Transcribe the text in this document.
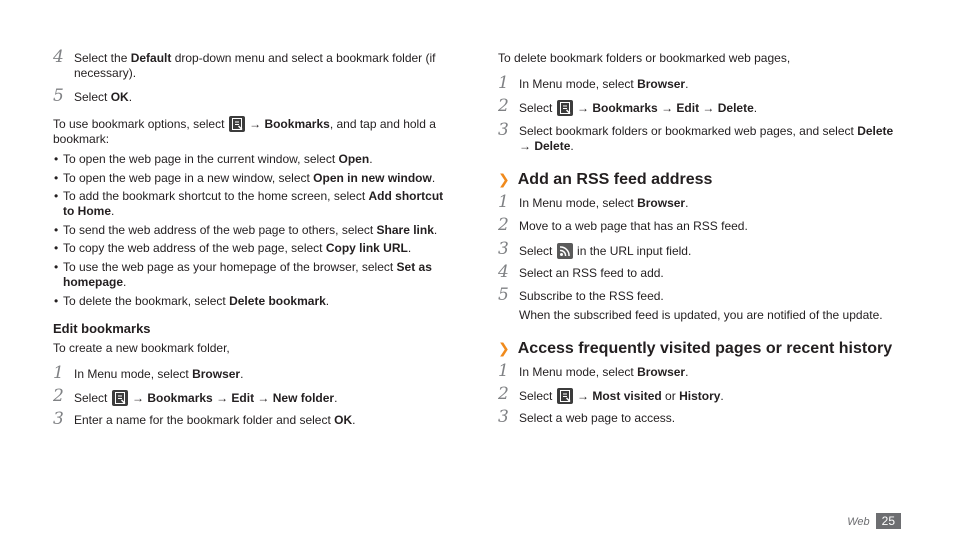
4 Select the Default drop-down menu and select a bookmark folder (if necessary).
5 Select OK.
To use bookmark options, select
→ Bookmarks, and tap and hold a bookmark:
• To open the web page in the current window, select Open.
• To open the web page in a new window, select Open in new window.
• To add the bookmark shortcut to the home screen, select Add shortcut to Home.
• To send the web address of the web page to others, select Share link.
• To copy the web address of the web page, select Copy link URL.
• To use the web page as your homepage of the browser, select Set as homepage.
• To delete the bookmark, select Delete bookmark.
Edit bookmarks
To create a new bookmark folder,
1 In Menu mode, select Browser.
2 Select
→ Bookmarks → Edit → New folder.
3 Enter a name for the bookmark folder and select OK.
To delete bookmark folders or bookmarked web pages,
1 In Menu mode, select Browser.
2 Select
→ Bookmarks → Edit → Delete.
3 Select bookmark folders or bookmarked web pages, and select Delete
→ Delete.
❯ Add an RSS feed address
1 In Menu mode, select Browser.
2 Move to a web page that has an RSS feed.
3 Select
in the URL input field.
4 Select an RSS feed to add.
5 Subscribe to the RSS feed.
When the subscribed feed is updated, you are notified of the update.
❯ Access frequently visited pages or recent history
1 In Menu mode, select Browser.
2 Select
→ Most visited or History.
3 Select a web page to access.
Web 25
